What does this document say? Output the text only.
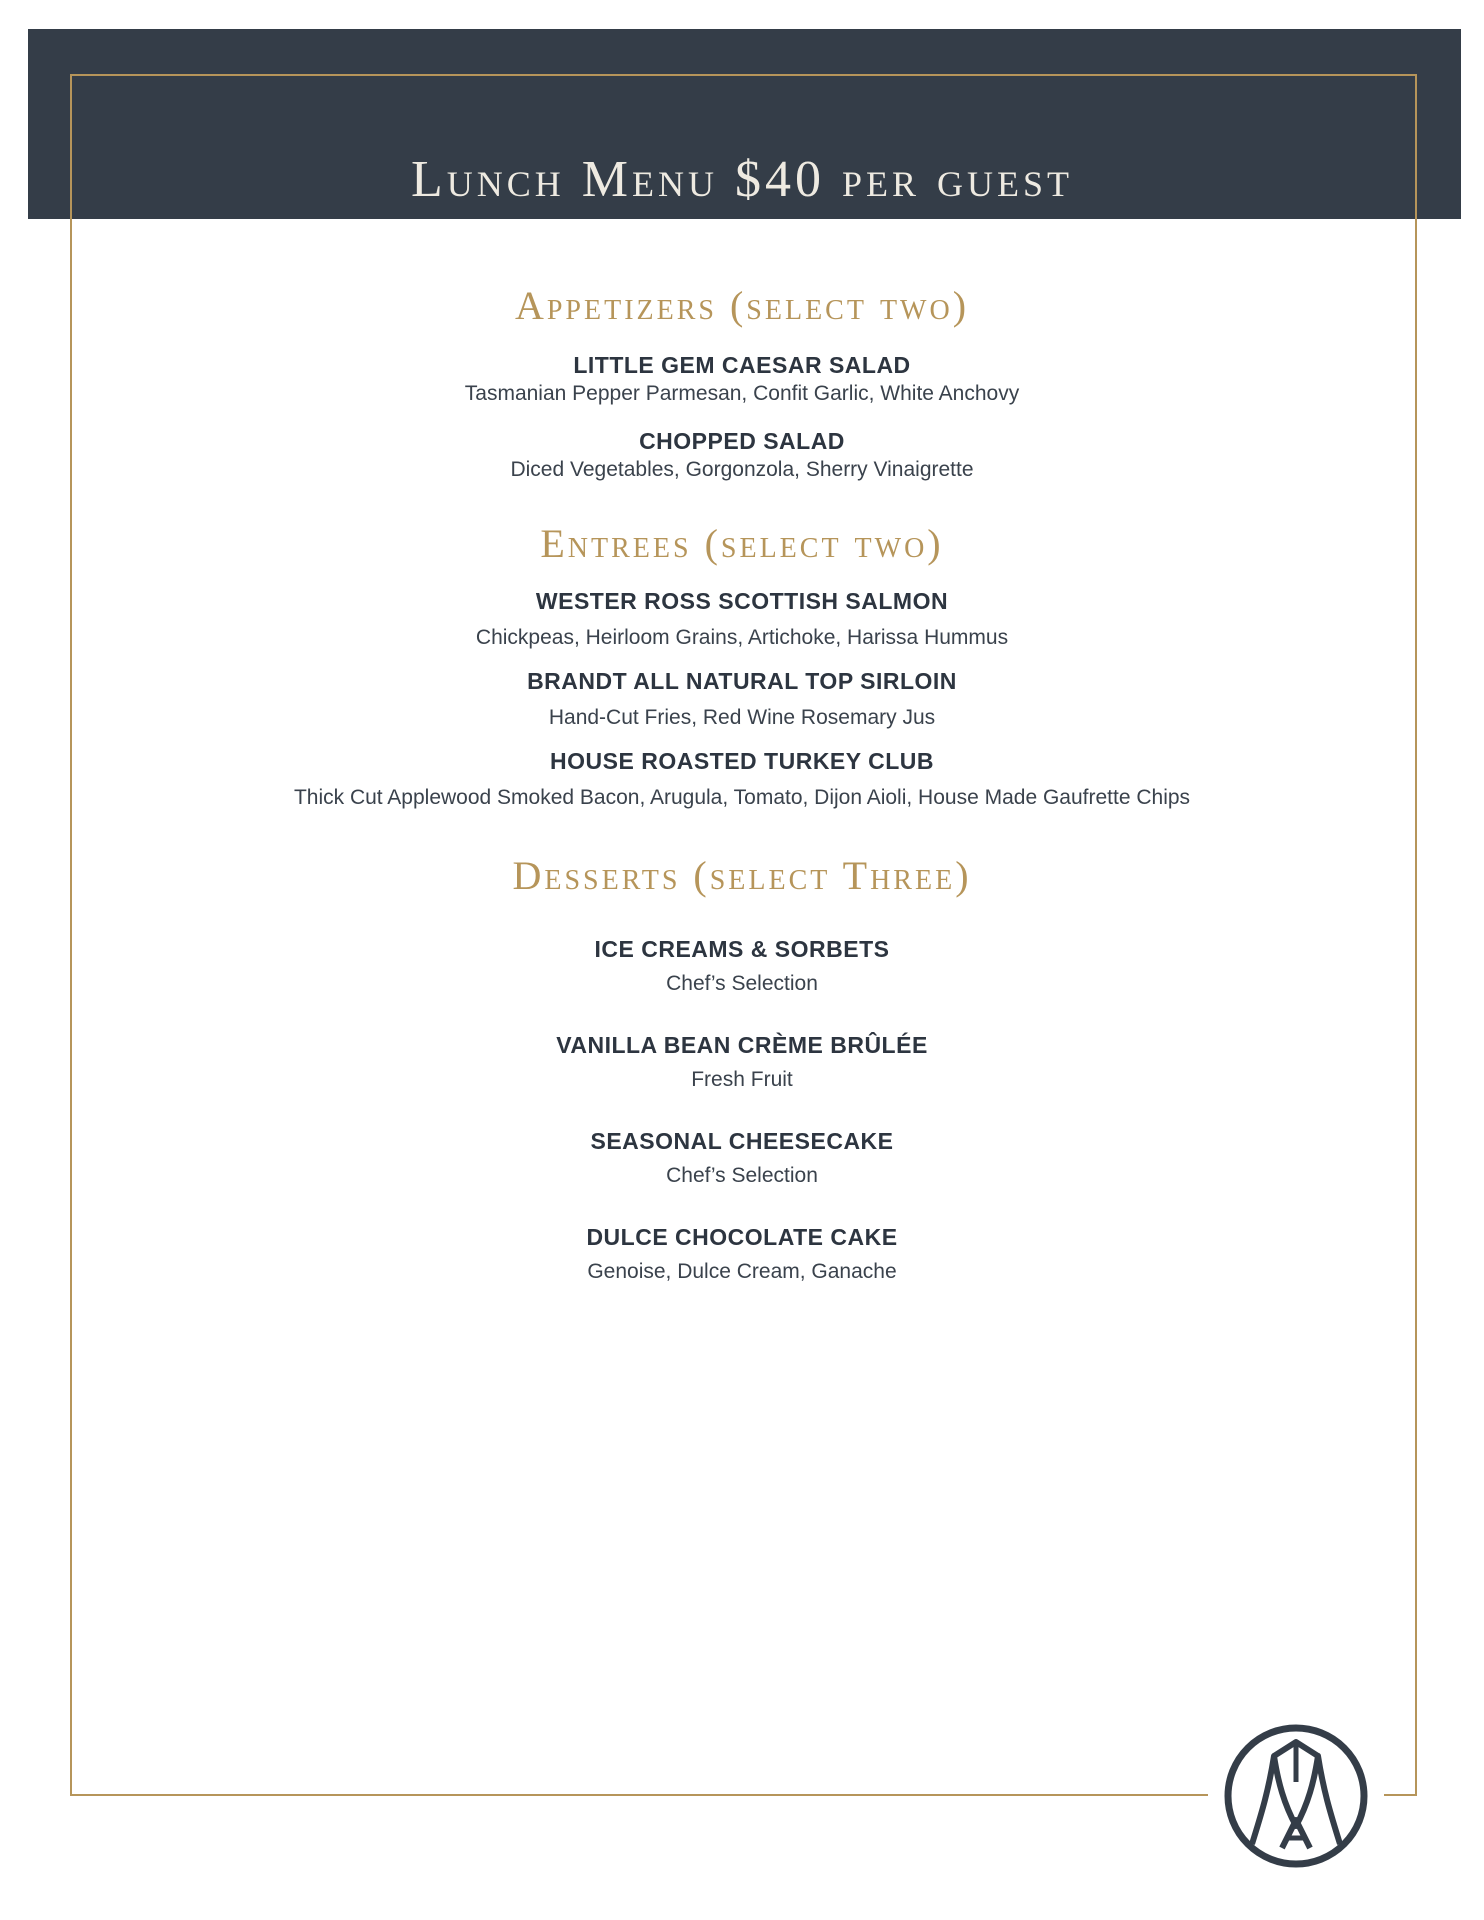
Lunch Menu $40 per guest
Appetizers (select two)
LITTLE GEM CAESAR SALAD
Tasmanian Pepper Parmesan, Confit Garlic, White Anchovy
CHOPPED SALAD
Diced Vegetables, Gorgonzola, Sherry Vinaigrette
Entrees (select two)
WESTER ROSS SCOTTISH SALMON
Chickpeas, Heirloom Grains, Artichoke, Harissa Hummus
BRANDT ALL NATURAL TOP SIRLOIN
Hand-Cut Fries, Red Wine Rosemary Jus
HOUSE ROASTED TURKEY CLUB
Thick Cut Applewood Smoked Bacon, Arugula, Tomato, Dijon Aioli, House Made Gaufrette Chips
Desserts (select Three)
ICE CREAMS & SORBETS
Chef’s Selection
VANILLA BEAN CRÈME BRÛLÉE
Fresh Fruit
SEASONAL CHEESECAKE
Chef’s Selection
DULCE CHOCOLATE CAKE
Genoise, Dulce Cream, Ganache
